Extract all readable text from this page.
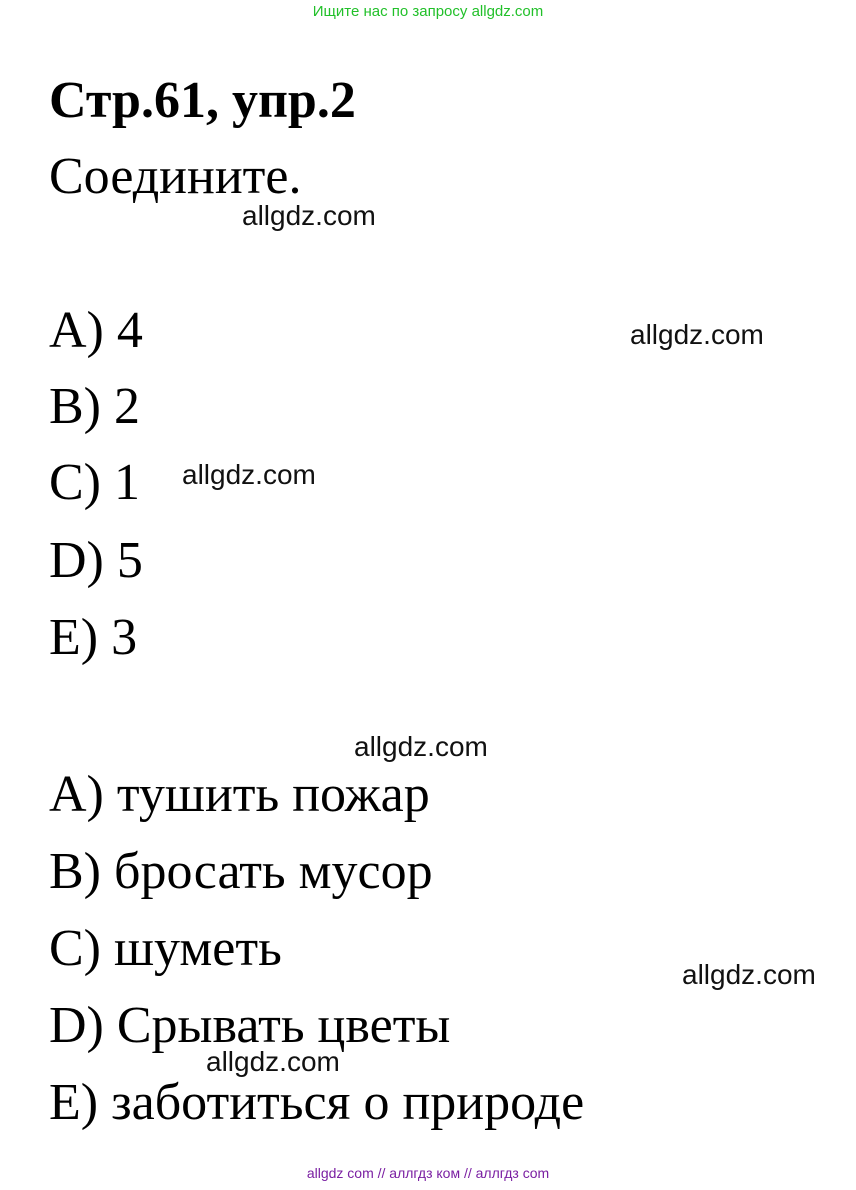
Ищите нас по запросу allgdz.com
Стр.61, упр.2
Соедините.
allgdz.com
A) 4
B) 2
C) 1
D) 5
E) 3
allgdz.com
allgdz.com
allgdz.com
A) тушить пожар
B) бросать мусор
C) шуметь
D) Срывать цветы
E) заботиться о природе
allgdz.com
allgdz.com
allgdz com // аллгдз ком // аллгдз com
